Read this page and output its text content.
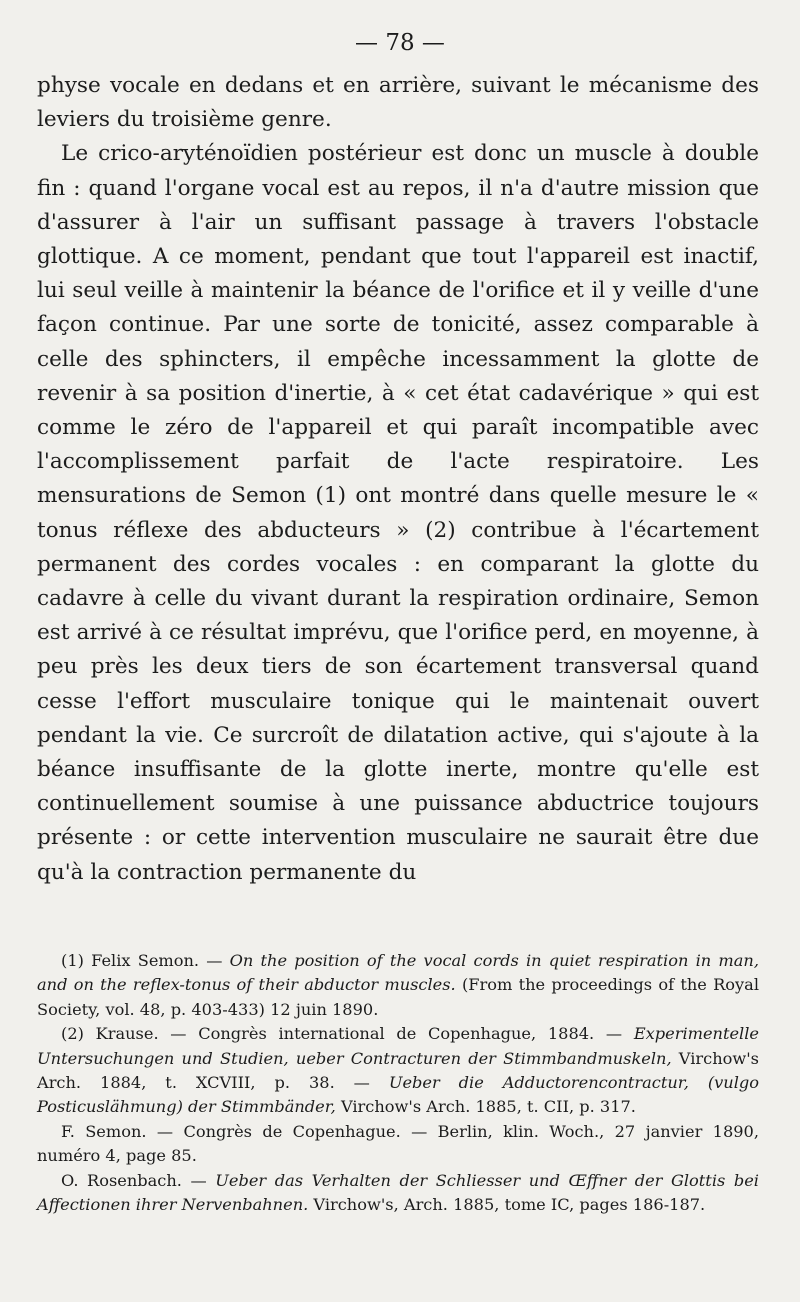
— 78 —

physe vocale en dedans et en arrière, suivant le mécanisme des leviers du troisième genre.

Le crico-aryténoïdien postérieur est donc un muscle à double fin : quand l'organe vocal est au repos, il n'a d'autre mission que d'assurer à l'air un suffisant passage à travers l'obstacle glottique. A ce moment, pendant que tout l'appareil est inactif, lui seul veille à maintenir la béance de l'orifice et il y veille d'une façon continue. Par une sorte de tonicité, assez comparable à celle des sphincters, il empêche incessamment la glotte de revenir à sa position d'inertie, à « cet état cadavérique » qui est comme le zéro de l'appareil et qui paraît incompatible avec l'accomplissement parfait de l'acte respiratoire. Les mensurations de Semon (1) ont montré dans quelle mesure le « tonus réflexe des abducteurs » (2) contribue à l'écartement permanent des cordes vocales : en comparant la glotte du cadavre à celle du vivant durant la respiration ordinaire, Semon est arrivé à ce résultat imprévu, que l'orifice perd, en moyenne, à peu près les deux tiers de son écartement transversal quand cesse l'effort musculaire tonique qui le maintenait ouvert pendant la vie. Ce surcroît de dilatation active, qui s'ajoute à la béance insuffisante de la glotte inerte, montre qu'elle est continuellement soumise à une puissance abductrice toujours présente : or cette intervention musculaire ne saurait être due qu'à la contraction permanente du

(1) Felix Semon. — On the position of the vocal cords in quiet respiration in man, and on the reflex-tonus of their abductor muscles. (From the proceedings of the Royal Society, vol. 48, p. 403-433) 12 juin 1890.

(2) Krause. — Congrès international de Copenhague, 1884. — Experimentelle Untersuchungen und Studien, ueber Contracturen der Stimmbandmuskeln, Virchow's Arch. 1884, t. XCVIII, p. 38. — Ueber die Adductorencontractur, (vulgo Posticuslähmung) der Stimmbänder, Virchow's Arch. 1885, t. CII, p. 317.

F. Semon. — Congrès de Copenhague. — Berlin, klin. Woch., 27 janvier 1890, numéro 4, page 85.

O. Rosenbach. — Ueber das Verhalten der Schliesser und Œffner der Glottis bei Affectionen ihrer Nervenbahnen. Virchow's, Arch. 1885, tome IC, pages 186-187.
